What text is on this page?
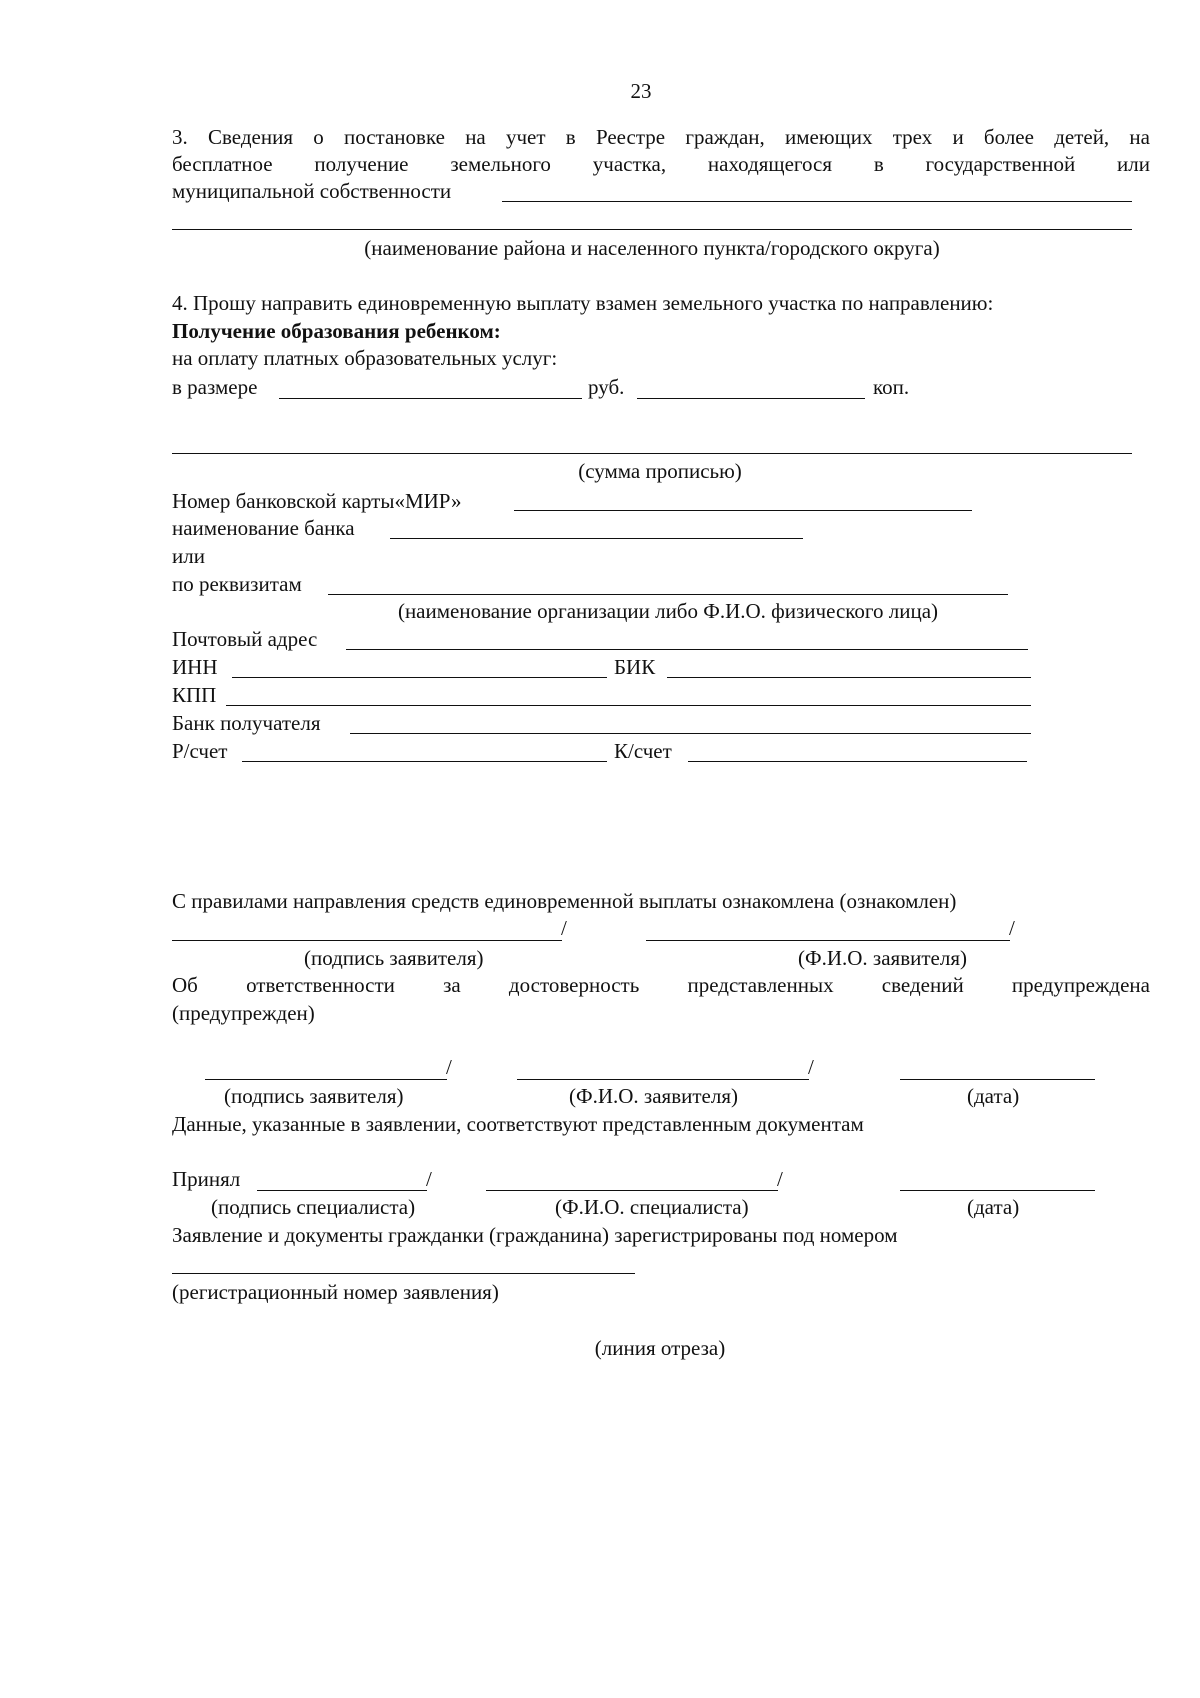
23
3. Сведения о постановке на учет в Реестре граждан, имеющих трех и более детей, на
бесплатное получение земельного участка, находящегося в государственной или
муниципальной собственности
(наименование района и населенного пункта/городского округа)
4. Прошу направить единовременную выплату взамен земельного участка по направлению:
Получение образования ребенком:
на оплату платных образовательных услуг:
в размере	руб.	коп.
(сумма прописью)
Номер банковской карты«МИР»
наименование банка
или
по реквизитам
(наименование организации либо Ф.И.О. физического лица)
Почтовый адрес
ИНН	БИК
КПП
Банк получателя
Р/счет	К/счет
С правилами направления средств единовременной выплаты ознакомлена (ознакомлен)
/	/
(подпись заявителя)	(Ф.И.О. заявителя)
Об ответственности за достоверность представленных сведений предупреждена
(предупрежден)
/	/
(подпись заявителя)	(Ф.И.О. заявителя)	(дата)
Данные, указанные в заявлении, соответствуют представленным документам
Принял	/	/
(подпись специалиста)	(Ф.И.О. специалиста)	(дата)
Заявление и документы гражданки (гражданина) зарегистрированы под номером
(регистрационный номер заявления)
(линия отреза)
